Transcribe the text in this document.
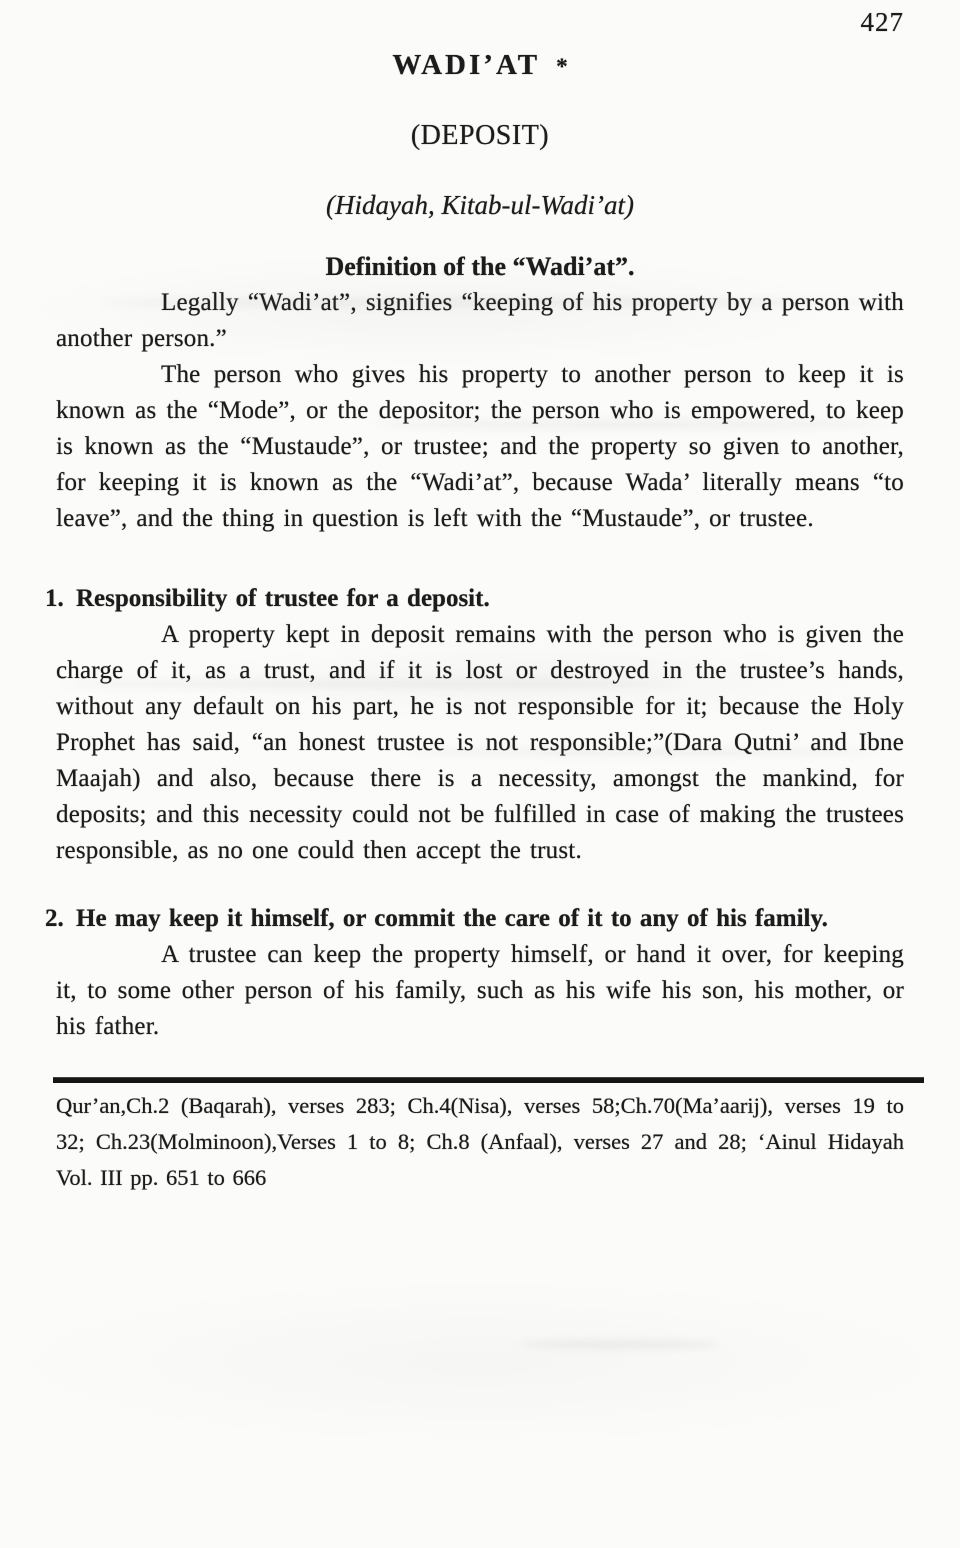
427
WADI’AT *
(DEPOSIT)
(Hidayah, Kitab-ul-Wadi’at)
Definition of the “Wadi’at”.

Legally “Wadi’at”, signifies “keeping of his property by a person with another person.”

The person who gives his property to another person to keep it is known as the “Mode”, or the depositor; the person who is empowered, to keep is known as the “Mustaude”, or trustee; and the property so given to another, for keeping it is known as the “Wadi’at”, because Wada’ literally means “to leave”, and the thing in question is left with the “Mustaude”, or trustee.

1. Responsibility of trustee for a deposit.

A property kept in deposit remains with the person who is given the charge of it, as a trust, and if it is lost or destroyed in the trustee’s hands, without any default on his part, he is not responsible for it; because the Holy Prophet has said, “an honest trustee is not responsible;”(Dara Qutni’ and Ibne Maajah) and also, because there is a necessity, amongst the mankind, for deposits; and this necessity could not be fulfilled in case of making the trustees responsible, as no one could then accept the trust.

2. He may keep it himself, or commit the care of it to any of his family.

A trustee can keep the property himself, or hand it over, for keeping it, to some other person of his family, such as his wife his son, his mother, or his father.

Qur’an,Ch.2 (Baqarah), verses 283; Ch.4(Nisa), verses 58;Ch.70(Ma’aarij), verses 19 to 32; Ch.23(Molminoon),Verses 1 to 8; Ch.8 (Anfaal), verses 27 and 28; ‘Ainul Hidayah Vol. III pp. 651 to 666
